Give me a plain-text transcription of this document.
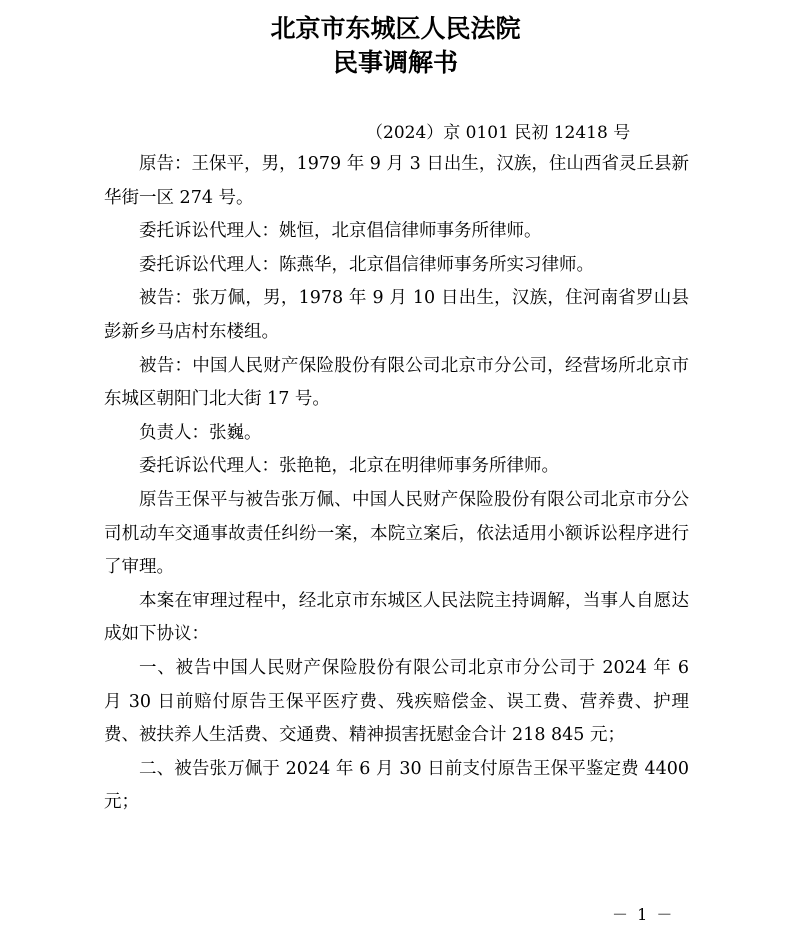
北京市东城区人民法院
民事调解书
（2024）京 0101 民初 12418 号

原告：王保平，男，1979 年 9 月 3 日出生，汉族，住山西省灵丘县新华街一区 274 号。

委托诉讼代理人：姚恒，北京倡信律师事务所律师。

委托诉讼代理人：陈燕华，北京倡信律师事务所实习律师。

被告：张万佩，男，1978 年 9 月 10 日出生，汉族，住河南省罗山县彭新乡马店村东楼组。

被告：中国人民财产保险股份有限公司北京市分公司，经营场所北京市东城区朝阳门北大街 17 号。

负责人：张巍。

委托诉讼代理人：张艳艳，北京在明律师事务所律师。

原告王保平与被告张万佩、中国人民财产保险股份有限公司北京市分公司机动车交通事故责任纠纷一案，本院立案后，依法适用小额诉讼程序进行了审理。

本案在审理过程中，经北京市东城区人民法院主持调解，当事人自愿达成如下协议：

一、被告中国人民财产保险股份有限公司北京市分公司于 2024 年 6 月 30 日前赔付原告王保平医疗费、残疾赔偿金、误工费、营养费、护理费、被扶养人生活费、交通费、精神损害抚慰金合计 218 845 元；

二、被告张万佩于 2024 年 6 月 30 日前支付原告王保平鉴定费 4400 元；

－ 1 －
